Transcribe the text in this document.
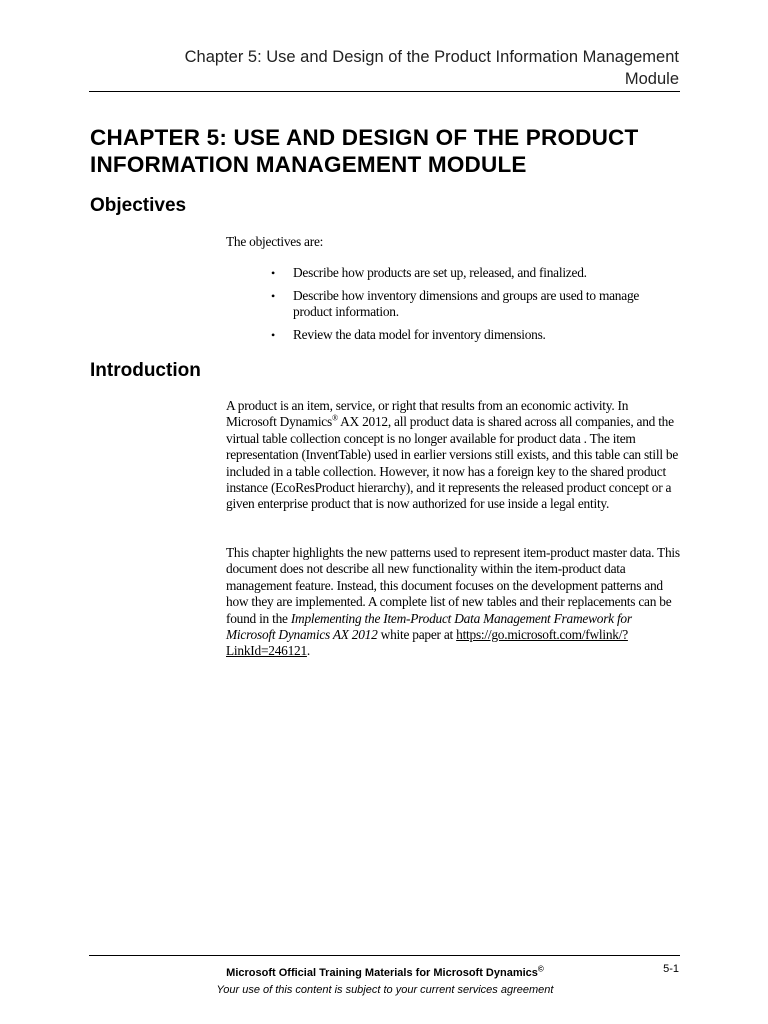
Chapter 5: Use and Design of the Product Information Management
Module
CHAPTER 5: USE AND DESIGN OF THE PRODUCT
INFORMATION MANAGEMENT MODULE
Objectives
The objectives are:
• Describe how products are set up, released, and finalized.
• Describe how inventory dimensions and groups are used to manage product information.
• Review the data model for inventory dimensions.
Introduction

A product is an item, service, or right that results from an economic activity. In Microsoft Dynamics® AX 2012, all product data is shared across all companies, and the virtual table collection concept is no longer available for product data . The item representation (InventTable) used in earlier versions still exists, and this table can still be included in a table collection. However, it now has a foreign key to the shared product instance (EcoResProduct hierarchy), and it represents the released product concept or a given enterprise product that is now authorized for use inside a legal entity.

This chapter highlights the new patterns used to represent item-product master data. This document does not describe all new functionality within the item-product data management feature. Instead, this document focuses on the development patterns and how they are implemented. A complete list of new tables and their replacements can be found in the Implementing the Item-Product Data Management Framework for Microsoft Dynamics AX 2012 white paper at https://go.microsoft.com/fwlink/?LinkId=246121.

Microsoft Official Training Materials for Microsoft Dynamics©
Your use of this content is subject to your current services agreement
5-1
